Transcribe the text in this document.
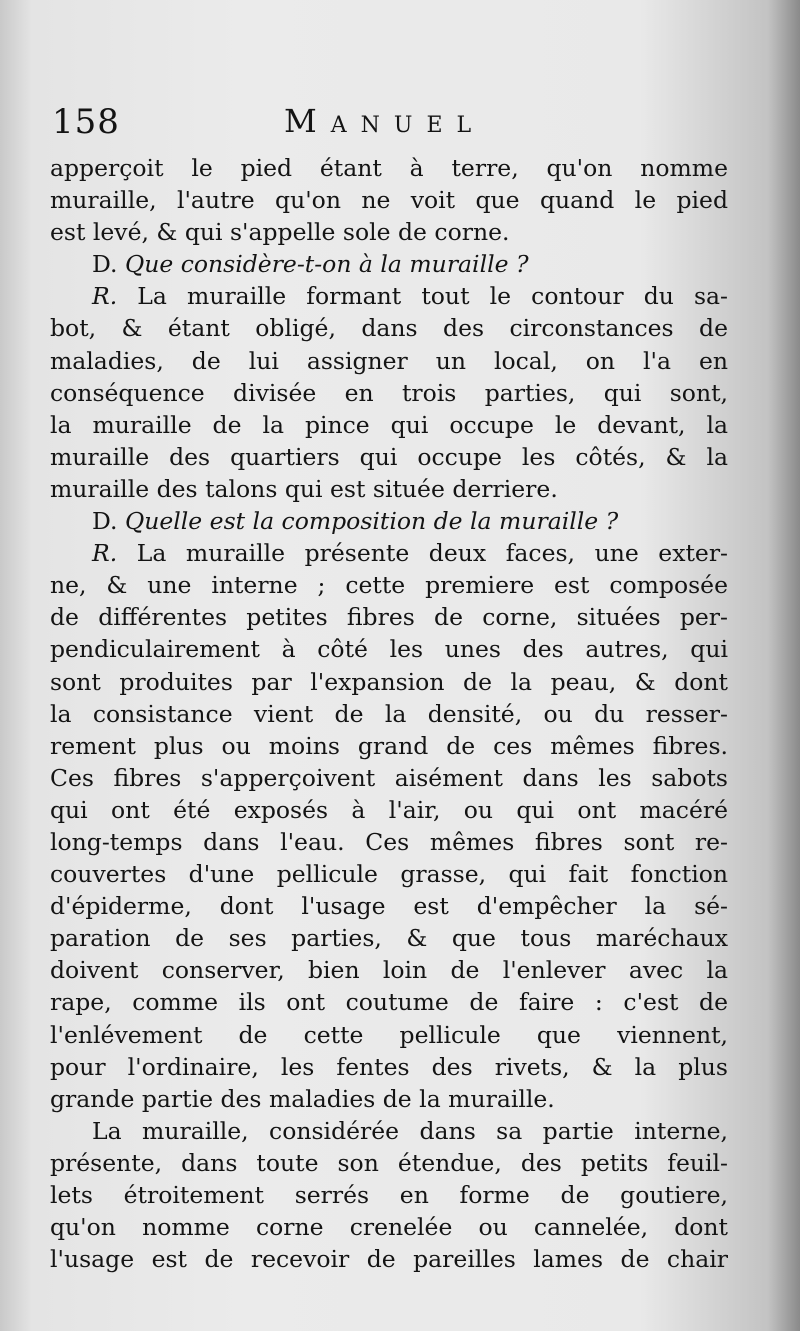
158	Manuel
apperçoit le pied étant à terre, qu'on nomme
muraille, l'autre qu'on ne voit que quand le pied
est levé, & qui s'appelle sole de corne.
D. Que considère-t-on à la muraille ?
R. La muraille formant tout le contour du sa-
bot, & étant obligé, dans des circonstances de
maladies, de lui assigner un local, on l'a en
conséquence divisée en trois parties, qui sont,
la muraille de la pince qui occupe le devant, la
muraille des quartiers qui occupe les côtés, & la
muraille des talons qui est située derriere.
D. Quelle est la composition de la muraille ?
R. La muraille présente deux faces, une exter-
ne, & une interne ; cette premiere est composée
de différentes petites fibres de corne, situées per-
pendiculairement à côté les unes des autres, qui
sont produites par l'expansion de la peau, & dont
la consistance vient de la densité, ou du resser-
rement plus ou moins grand de ces mêmes fibres.
Ces fibres s'apperçoivent aisément dans les sabots
qui ont été exposés à l'air, ou qui ont macéré
long-temps dans l'eau. Ces mêmes fibres sont re-
couvertes d'une pellicule grasse, qui fait fonction
d'épiderme, dont l'usage est d'empêcher la sé-
paration de ses parties, & que tous maréchaux
doivent conserver, bien loin de l'enlever avec la
rape, comme ils ont coutume de faire : c'est de
l'enlévement de cette pellicule que viennent,
pour l'ordinaire, les fentes des rivets, & la plus
grande partie des maladies de la muraille.
La muraille, considérée dans sa partie interne,
présente, dans toute son étendue, des petits feuil-
lets étroitement serrés en forme de goutiere,
qu'on nomme corne crenelée ou cannelée, dont
l'usage est de recevoir de pareilles lames de chair
